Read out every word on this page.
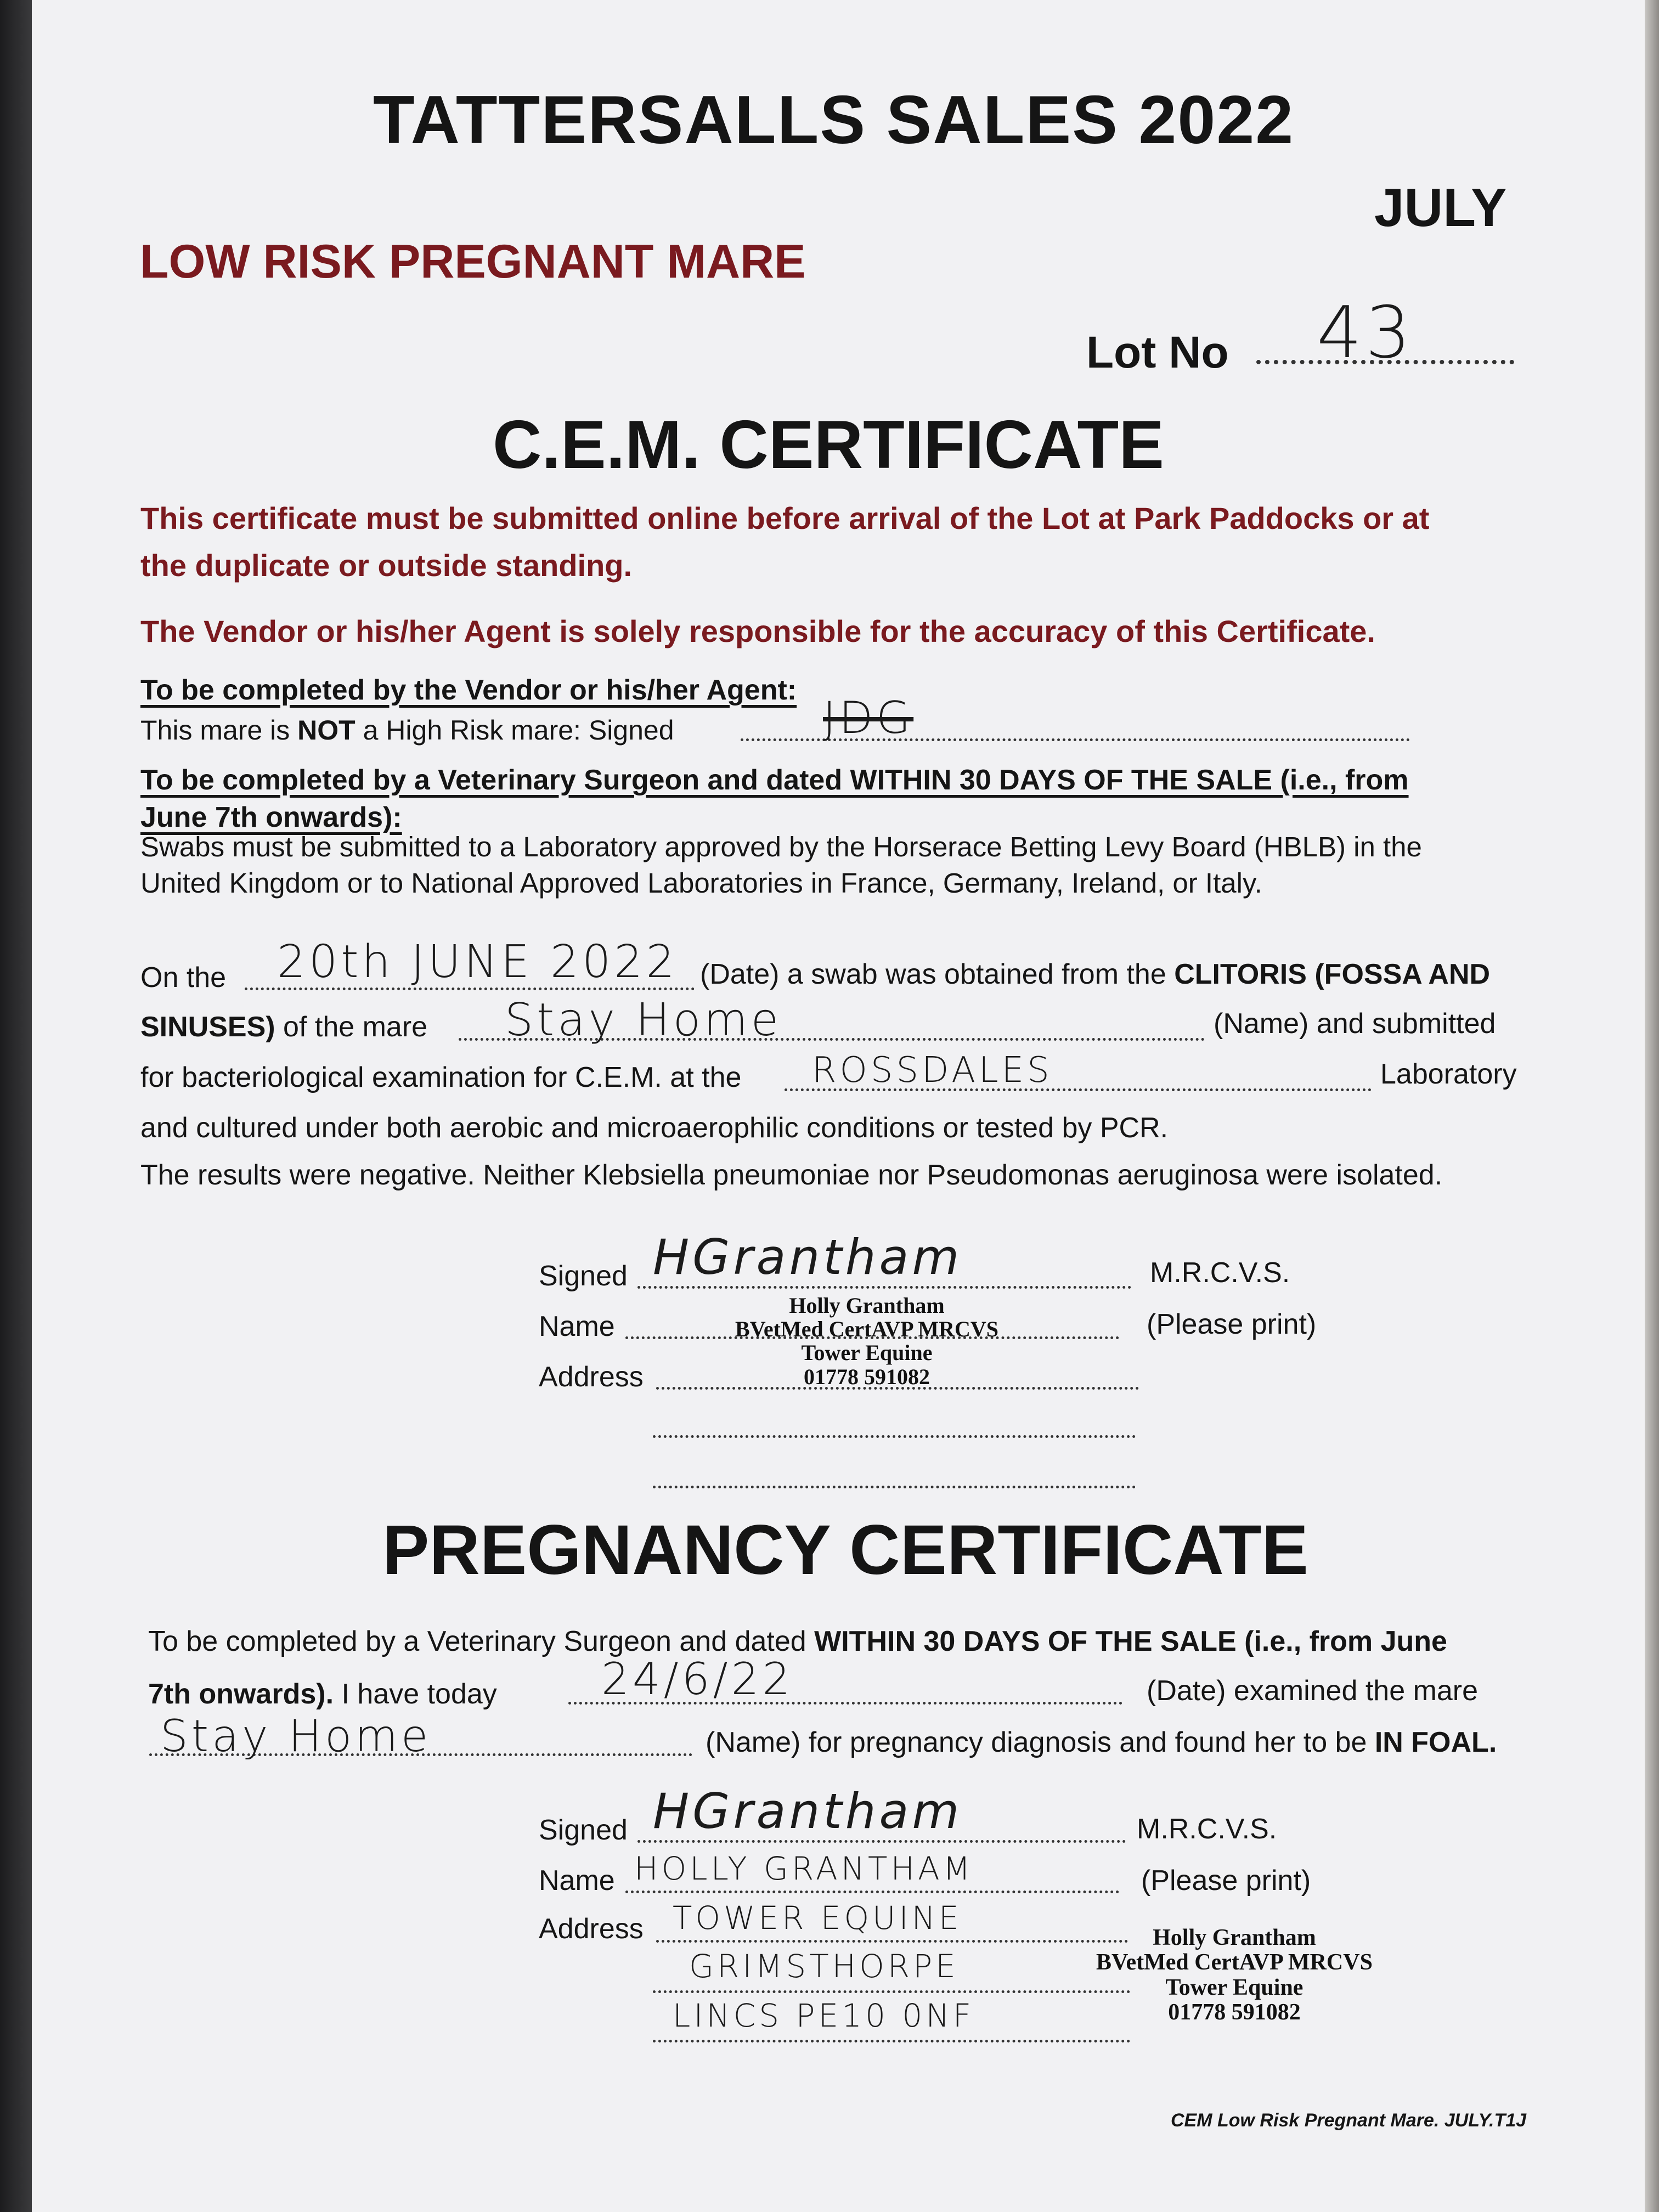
TATTERSALLS SALES 2022
JULY
LOW RISK PREGNANT MARE
Lot No 43
C.E.M. CERTIFICATE
This certificate must be submitted online before arrival of the Lot at Park Paddocks or at
the duplicate or outside standing.
The Vendor or his/her Agent is solely responsible for the accuracy of this Certificate.
To be completed by the Vendor or his/her Agent:
This mare is NOT a High Risk mare: Signed	JDG
To be completed by a Veterinary Surgeon and dated WITHIN 30 DAYS OF THE SALE (i.e., from
June 7th onwards):
Swabs must be submitted to a Laboratory approved by the Horserace Betting Levy Board (HBLB) in the
United Kingdom or to National Approved Laboratories in France, Germany, Ireland, or Italy.
On the 20th JUNE 2022 (Date) a swab was obtained from the CLITORIS (FOSSA AND
SINUSES) of the mare Stay Home	(Name) and submitted
for bacteriological examination for C.E.M. at the ROSSDALES	Laboratory
and cultured under both aerobic and microaerophilic conditions or tested by PCR.
The results were negative. Neither Klebsiella pneumoniae nor Pseudomonas aeruginosa were isolated.
Signed HGrantham	M.R.C.V.S.
Name	(Please print)
Address
Holly Grantham
BVetMed CertAVP MRCVS
Tower Equine
01778 591082
PREGNANCY CERTIFICATE
To be completed by a Veterinary Surgeon and dated WITHIN 30 DAYS OF THE SALE (i.e., from June
7th onwards). I have today 24/6/22	(Date) examined the mare
Stay Home	(Name) for pregnancy diagnosis and found her to be IN FOAL.
Signed HGrantham	M.R.C.V.S.
Name HOLLY GRANTHAM	(Please print)
Address TOWER EQUINE
GRIMSTHORPE
LINCS PE10 0NF
Holly Grantham
BVetMed CertAVP MRCVS
Tower Equine
01778 591082
CEM Low Risk Pregnant Mare. JULY.T1J
